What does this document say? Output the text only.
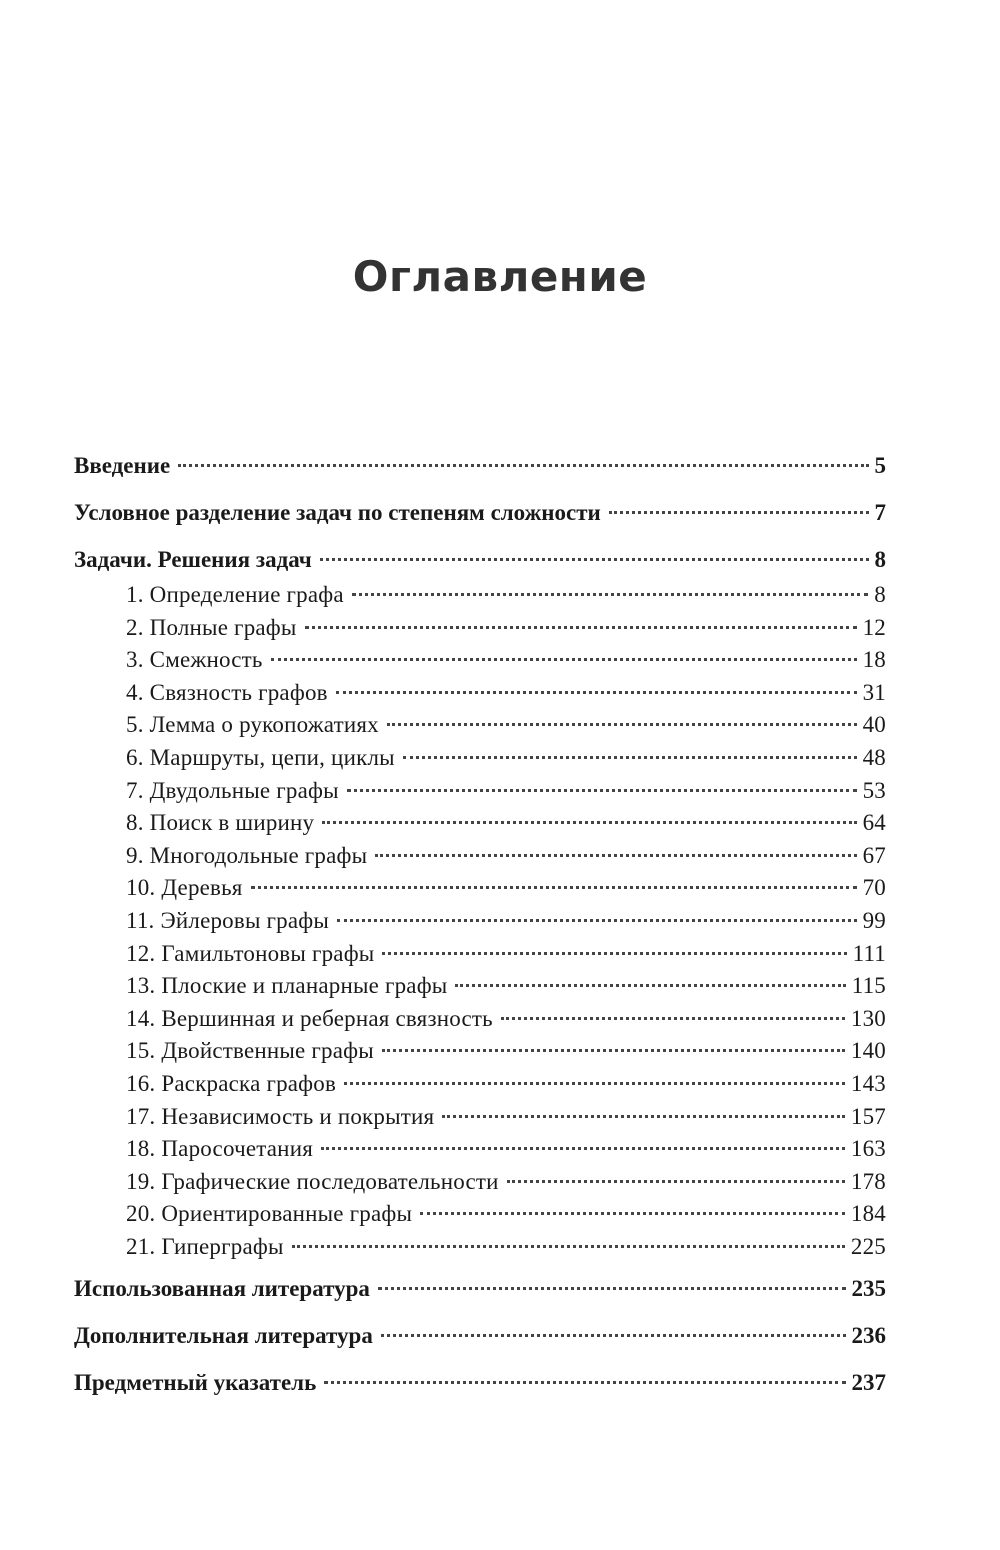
Оглавление
Введение	5
Условное разделение задач по степеням сложности	7
Задачи. Решения задач	8
1. Определение графа	8
2. Полные графы	12
3. Смежность	18
4. Связность графов	31
5. Лемма о рукопожатиях	40
6. Маршруты, цепи, циклы	48
7. Двудольные графы	53
8. Поиск в ширину	64
9. Многодольные графы	67
10. Деревья	70
11. Эйлеровы графы	99
12. Гамильтоновы графы	111
13. Плоские и планарные графы	115
14. Вершинная и реберная связность	130
15. Двойственные графы	140
16. Раскраска графов	143
17. Независимость и покрытия	157
18. Паросочетания	163
19. Графические последовательности	178
20. Ориентированные графы	184
21. Гиперграфы	225
Использованная литература	235
Дополнительная литература	236
Предметный указатель	237
